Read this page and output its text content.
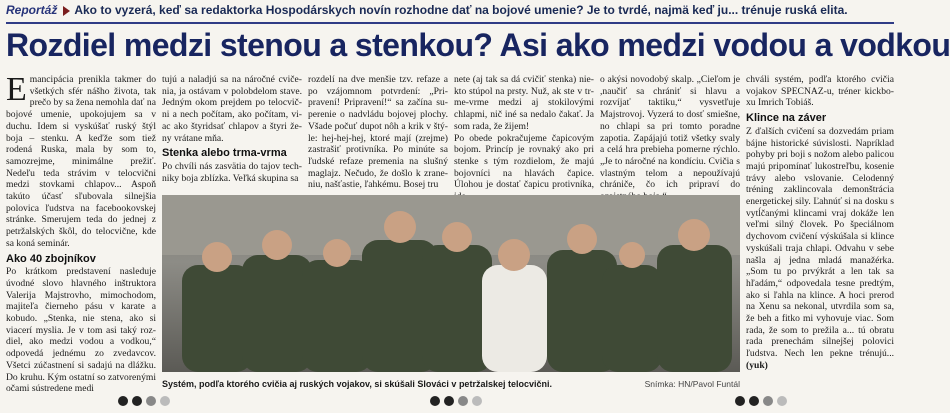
Reportáž Ako to vyzerá, keď sa redaktorka Hospodárskych novín rozhodne dať na bojové umenie? Je to tvrdé, najmä keď ju... trénuje ruská elita.
Rozdiel medzi stenou a stenkou? Asi ako medzi vodou a vodkou

Emancipácia prenikla takmer do všetkých sfér nášho života, tak prečo by sa žena nemohla dať na bojové umenie, upokojujem sa v duchu. Idem si vyskúšať ruský štýl boja – stenku. A keďže som tiež rodená Ruska, mala by som to, samozrejme, minimálne prežiť. Nedeľu teda strávim v telocvični medzi stovkami chlapov... Aspoň takúto účasť sľubovala silnejšia polovica ľudstva na facebookovskej stránke. Smerujem teda do jednej z petržalských škôl, do telocvične, kde sa koná seminár.

Ako 40 zbojníkov

Po krátkom predstavení nasleduje úvodné slovo hlavného inštruktora Valerija Majstrovho, mimochodom, majiteľa čierneho pásu v karate a kobudo. „Stenka, nie stena, ako si viacerí myslia. Je v tom asi taký rozdiel, ako medzi vodou a vodkou,“ odpovedá jednému zo zvedavcov. Všetci zúčastnení si sadajú na dlážku. Do kruhu. Kým ostatní so zatvorenými očami sústredene medi

tujú a naladjú sa na náročné cvičenia, ja ostávam v polobdelom stave. Jedným okom prejdem po telocvični a nech počítam, ako počítam, viac ako štyridsať chlapov a štyri ženy vrátane mňa.

Stenka alebo trma-vrma

Po chvíli nás zasvätia do tajov techniky boja zblízka. Veľká skupina sa

rozdelí na dve menšie tzv. refaze a po vzájomnom potvrdení: „Pripravení! Pripravení!“ sa začína superenie o nadvládu bojovej plochy. Všade počuť dupot nôh a krik v štýle: hej-hej-hej, ktoré mají (zrejme) zastrašiť protivníka. Po minúte sa ľudské refaze premenia na slušný maglajz. Nečudo, že došlo k zraneniu, našťastie, ľahkému. Bosej tru

nete (aj tak sa dá cvičiť stenka) niekto stúpol na prsty. Nuž, ak ste v trme-vrme medzi aj stokilovými chlapmi, nič iné sa nedalo čakať. Ja som rada, že žijem!

Po obede pokračujeme čapicovým bojom. Princíp je rovnaký ako pri stenke s tým rozdielom, že majú bojovníci na hlavách čapice. Úlohou je dostať čapicu protivníka,

o akýsi novodobý skalp. „Cieľom je ,naučiť sa chrániť si hlavu a rozvíjať taktiku,“ vysvetľuje Majstrovoj. Vyzerá to dosť smiešne, no chlapi sa pri tomto poradne zapotia. Zapájajú totiž všetky svaly a celá hra prebieha pomerne rýchlo. „Je to náročné na kondíciu. Cvičia s vlastným telom a nepoužívajú chrániče, čo ich pripraví do

chváli systém, podľa ktorého cvičia vojakov SPECNAZ-u, tréner kickboxu Imrich Tobiáš.

Klince na záver

Z ďalších cvičení sa dozvedám priam bájne historické súvislosti. Napríklad pohyby pri boji s nožom alebo palicou majú pripomínať lukostreľbu, kosenie trávy alebo vslovanie. Celodenný tréning zaklincovala demonštrácia energetickej sily. Ľahnúť si na dosku s vytĺčanými klincami vraj dokáže len veľmi silný človek. Po špeciálnom dychovom cvičení výskúšala si klince vyskúšali traja chlapi. Odvahu v sebe našla aj jedna mladá manažérka. „Som tu po prvýkrát a len tak sa hľadám,“ odpovedala tesne predtým, ako si ľahla na klince. A hoci prerod na Xenu sa nekonal, utvrdila som sa, že beh a fitko mi vyhovuje viac. Som rada, že som to prežila a... tú obratu rada prenechám silnejšej polovici ľudstva. Nech len pekne trénujú... (yuk)

Systém, podľa ktorého cvičia aj ruských vojakov, si skúšali Slováci v petržalskej telocvični.	Snímka: HN/Pavol Funtál
